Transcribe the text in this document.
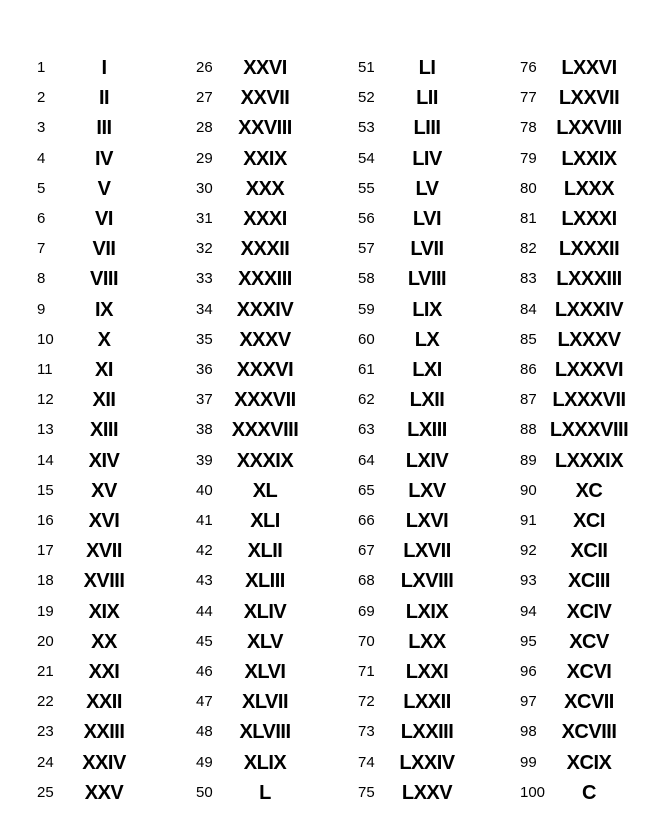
1	I
2	II
3	III
4	IV
5	V
6	VI
7	VII
8	VIII
9	IX
10	X
11	XI
12	XII
13	XIII
14	XIV
15	XV
16	XVI
17	XVII
18	XVIII
19	XIX
20	XX
21	XXI
22	XXII
23	XXIII
24	XXIV
25	XXV
26	XXVI
27	XXVII
28	XXVIII
29	XXIX
30	XXX
31	XXXI
32	XXXII
33	XXXIII
34	XXXIV
35	XXXV
36	XXXVI
37	XXXVII
38 XXXVIII
39	XXXIX
40	XL
41	XLI
42	XLII
43	XLIII
44	XLIV
45	XLV
46	XLVI
47	XLVII
48	XLVIII
49	XLIX
50	L
51	LI
52	LII
53	LIII
54	LIV
55	LV
56	LVI
57	LVII
58	LVIII
59	LIX
60	LX
61	LXI
62	LXII
63	LXIII
64	LXIV
65	LXV
66	LXVI
67	LXVII
68	LXVIII
69	LXIX
70	LXX
71	LXXI
72	LXXII
73	LXXIII
74	LXXIV
75	LXXV
76	LXXVI
77	LXXVII
78 LXXVIII
79	LXXIX
80	LXXX
81	LXXXI
82	LXXXII
83 LXXXIII
84 LXXXIV
85	LXXXV
86 LXXXVI
87 LXXXVII
88 LXXXVIII
89 LXXXIX
90	XC
91	XCI
92	XCII
93	XCIII
94	XCIV
95	XCV
96	XCVI
97	XCVII
98	XCVIII
99	XCIX
100	C
